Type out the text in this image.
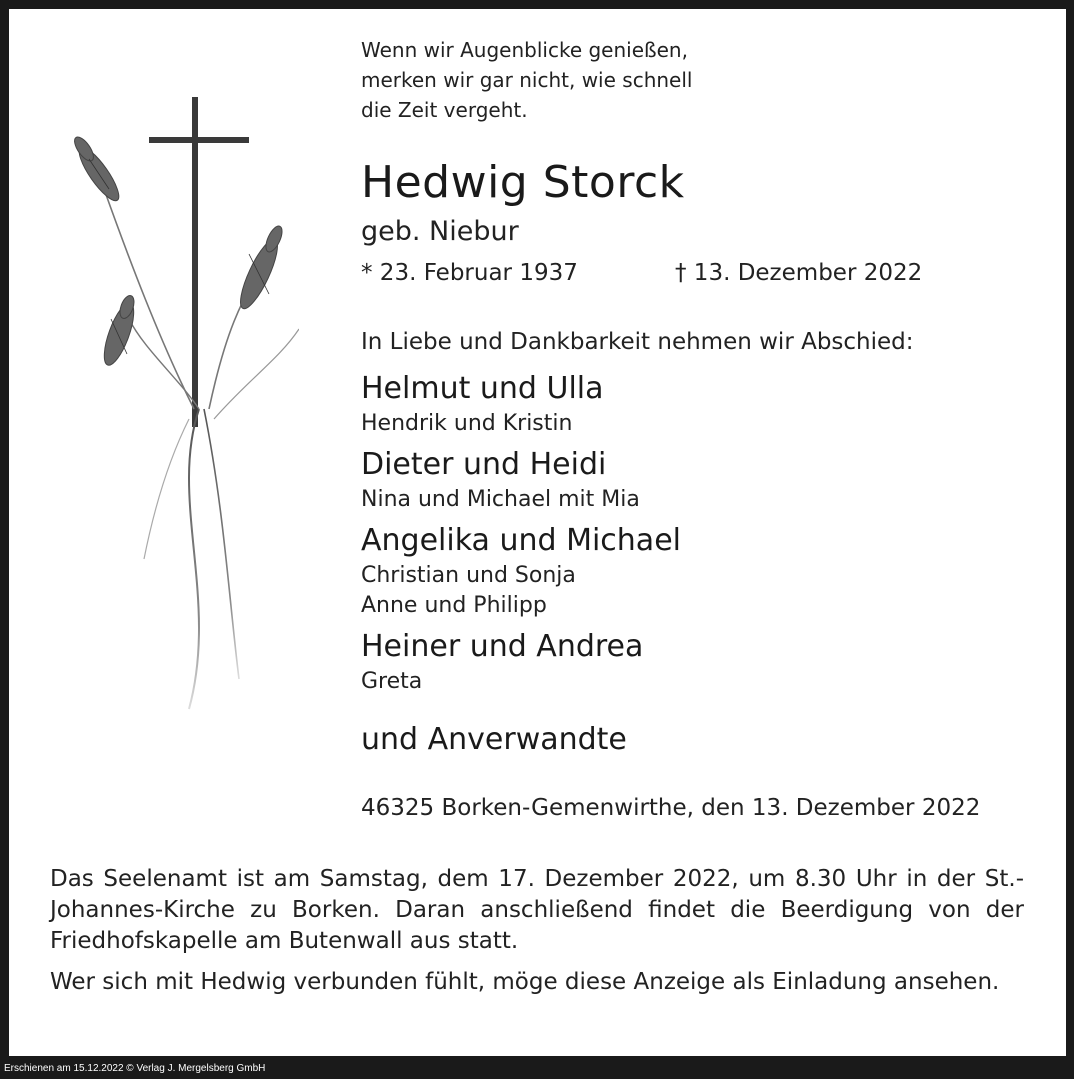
Wenn wir Augenblicke genießen,
merken wir gar nicht, wie schnell
die Zeit vergeht.
Hedwig Storck
geb. Niebur
* 23. Februar 1937	† 13. Dezember 2022
In Liebe und Dankbarkeit nehmen wir Abschied:
Helmut und Ulla
Hendrik und Kristin
Dieter und Heidi
Nina und Michael mit Mia
Angelika und Michael
Christian und Sonja
Anne und Philipp
Heiner und Andrea
Greta
und Anverwandte
46325 Borken-Gemenwirthe, den 13. Dezember 2022
Das Seelenamt ist am Samstag, dem 17. Dezember 2022, um 8.30 Uhr in der St.-Johannes-Kirche zu Borken. Daran anschließend findet die Beerdigung von der Friedhofskapelle am Butenwall aus statt.
Wer sich mit Hedwig verbunden fühlt, möge diese Anzeige als Einladung ansehen.
Erschienen am 15.12.2022 © Verlag J. Mergelsberg GmbH
